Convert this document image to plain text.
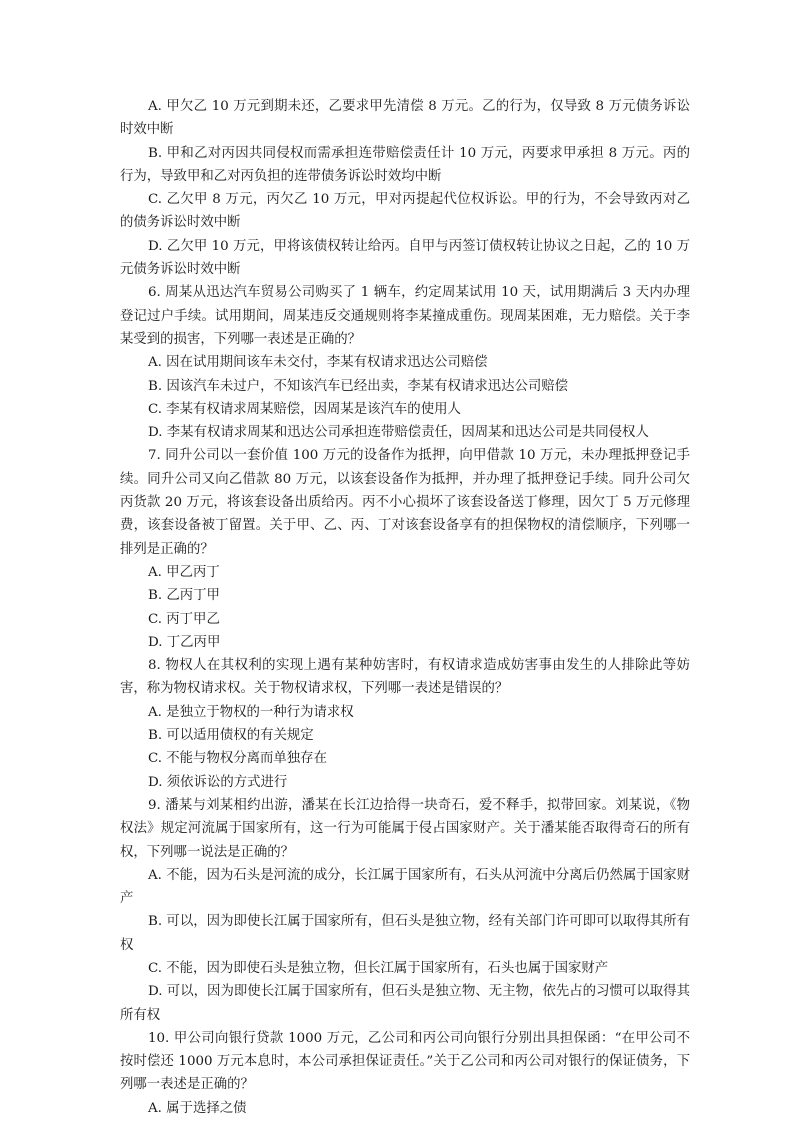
A. 甲欠乙 10 万元到期未还，乙要求甲先清偿 8 万元。乙的行为，仅导致 8 万元债务诉讼时效中断

B. 甲和乙对丙因共同侵权而需承担连带赔偿责任计 10 万元，丙要求甲承担 8 万元。丙的行为，导致甲和乙对丙负担的连带债务诉讼时效均中断

C. 乙欠甲 8 万元，丙欠乙 10 万元，甲对丙提起代位权诉讼。甲的行为，不会导致丙对乙的债务诉讼时效中断

D. 乙欠甲 10 万元，甲将该债权转让给丙。自甲与丙签订债权转让协议之日起，乙的 10 万元债务诉讼时效中断

6. 周某从迅达汽车贸易公司购买了 1 辆车，约定周某试用 10 天，试用期满后 3 天内办理登记过户手续。试用期间，周某违反交通规则将李某撞成重伤。现周某困难，无力赔偿。关于李某受到的损害，下列哪一表述是正确的？

A. 因在试用期间该车未交付，李某有权请求迅达公司赔偿

B. 因该汽车未过户，不知该汽车已经出卖，李某有权请求迅达公司赔偿

C. 李某有权请求周某赔偿，因周某是该汽车的使用人

D. 李某有权请求周某和迅达公司承担连带赔偿责任，因周某和迅达公司是共同侵权人

7. 同升公司以一套价值 100 万元的设备作为抵押，向甲借款 10 万元，未办理抵押登记手续。同升公司又向乙借款 80 万元，以该套设备作为抵押，并办理了抵押登记手续。同升公司欠丙货款 20 万元，将该套设备出质给丙。丙不小心损坏了该套设备送丁修理，因欠丁 5 万元修理费，该套设备被丁留置。关于甲、乙、丙、丁对该套设备享有的担保物权的清偿顺序，下列哪一排列是正确的？

A. 甲乙丙丁

B. 乙丙丁甲

C. 丙丁甲乙

D. 丁乙丙甲

8. 物权人在其权利的实现上遇有某种妨害时，有权请求造成妨害事由发生的人排除此等妨害，称为物权请求权。关于物权请求权，下列哪一表述是错误的？

A. 是独立于物权的一种行为请求权

B. 可以适用债权的有关规定

C. 不能与物权分离而单独存在

D. 须依诉讼的方式进行

9. 潘某与刘某相约出游，潘某在长江边拾得一块奇石，爱不释手，拟带回家。刘某说，《物权法》规定河流属于国家所有，这一行为可能属于侵占国家财产。关于潘某能否取得奇石的所有权，下列哪一说法是正确的？

A. 不能，因为石头是河流的成分，长江属于国家所有，石头从河流中分离后仍然属于国家财产

B. 可以，因为即使长江属于国家所有，但石头是独立物，经有关部门许可即可以取得其所有权

C. 不能，因为即使石头是独立物，但长江属于国家所有，石头也属于国家财产

D. 可以，因为即使长江属于国家所有，但石头是独立物、无主物，依先占的习惯可以取得其所有权

10. 甲公司向银行贷款 1000 万元，乙公司和丙公司向银行分别出具担保函：“在甲公司不按时偿还 1000 万元本息时，本公司承担保证责任。”关于乙公司和丙公司对银行的保证债务，下列哪一表述是正确的？

A. 属于选择之债
